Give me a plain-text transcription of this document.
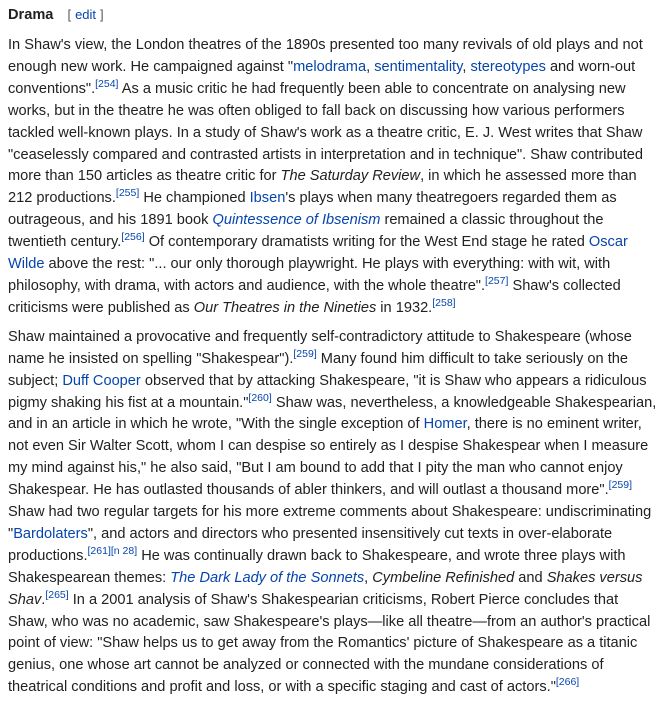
Drama [ edit ]

In Shaw's view, the London theatres of the 1890s presented too many revivals of old plays and not enough new work. He campaigned against "melodrama, sentimentality, stereotypes and worn-out conventions".[254] As a music critic he had frequently been able to concentrate on analysing new works, but in the theatre he was often obliged to fall back on discussing how various performers tackled well-known plays. In a study of Shaw's work as a theatre critic, E. J. West writes that Shaw "ceaselessly compared and contrasted artists in interpretation and in technique". Shaw contributed more than 150 articles as theatre critic for The Saturday Review, in which he assessed more than 212 productions.[255] He championed Ibsen's plays when many theatregoers regarded them as outrageous, and his 1891 book Quintessence of Ibsenism remained a classic throughout the twentieth century.[256] Of contemporary dramatists writing for the West End stage he rated Oscar Wilde above the rest: "... our only thorough playwright. He plays with everything: with wit, with philosophy, with drama, with actors and audience, with the whole theatre".[257] Shaw's collected criticisms were published as Our Theatres in the Nineties in 1932.[258]

Shaw maintained a provocative and frequently self-contradictory attitude to Shakespeare (whose name he insisted on spelling "Shakespear").[259] Many found him difficult to take seriously on the subject; Duff Cooper observed that by attacking Shakespeare, "it is Shaw who appears a ridiculous pigmy shaking his fist at a mountain."[260] Shaw was, nevertheless, a knowledgeable Shakespearian, and in an article in which he wrote, "With the single exception of Homer, there is no eminent writer, not even Sir Walter Scott, whom I can despise so entirely as I despise Shakespear when I measure my mind against his," he also said, "But I am bound to add that I pity the man who cannot enjoy Shakespear. He has outlasted thousands of abler thinkers, and will outlast a thousand more".[259] Shaw had two regular targets for his more extreme comments about Shakespeare: undiscriminating "Bardolaters", and actors and directors who presented insensitively cut texts in over-elaborate productions.[261][n 28] He was continually drawn back to Shakespeare, and wrote three plays with Shakespearean themes: The Dark Lady of the Sonnets, Cymbeline Refinished and Shakes versus Shav.[265] In a 2001 analysis of Shaw's Shakespearian criticisms, Robert Pierce concludes that Shaw, who was no academic, saw Shakespeare's plays—like all theatre—from an author's practical point of view: "Shaw helps us to get away from the Romantics' picture of Shakespeare as a titanic genius, one whose art cannot be analyzed or connected with the mundane considerations of theatrical conditions and profit and loss, or with a specific staging and cast of actors."[266]
